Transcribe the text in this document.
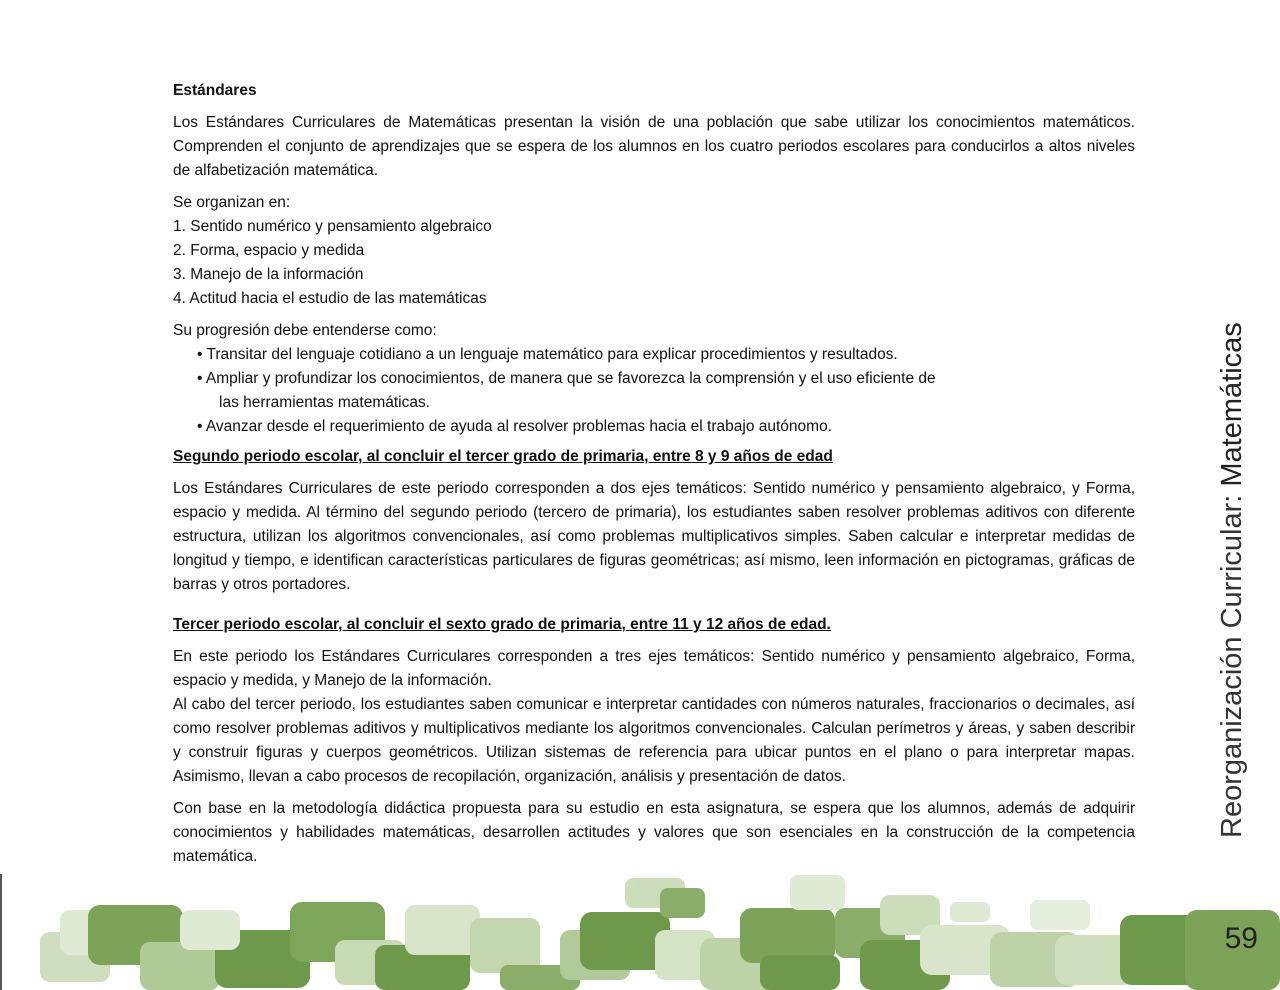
Estándares

Los Estándares Curriculares de Matemáticas presentan la visión de una población que sabe utilizar los conocimientos matemáticos. Comprenden el conjunto de aprendizajes que se espera de los alumnos en los cuatro periodos escolares para conducirlos a altos niveles de alfabetización matemática.

Se organizan en:
1. Sentido numérico y pensamiento algebraico
2. Forma, espacio y medida
3. Manejo de la información
4. Actitud hacia el estudio de las matemáticas
Su progresión debe entenderse como:
• Transitar del lenguaje cotidiano a un lenguaje matemático para explicar procedimientos y resultados.
• Ampliar y profundizar los conocimientos, de manera que se favorezca la comprensión y el uso eficiente de
las herramientas matemáticas.
• Avanzar desde el requerimiento de ayuda al resolver problemas hacia el trabajo autónomo.
Segundo periodo escolar, al concluir el tercer grado de primaria, entre 8 y 9 años de edad

Los Estándares Curriculares de este periodo corresponden a dos ejes temáticos: Sentido numérico y pensamiento algebraico, y Forma, espacio y medida. Al término del segundo periodo (tercero de primaria), los estudiantes saben resolver problemas aditivos con diferente estructura, utilizan los algoritmos convencionales, así como problemas multiplicativos simples. Saben calcular e interpretar medidas de longitud y tiempo, e identifican características particulares de figuras geométricas; así mismo, leen información en pictogramas, gráficas de barras y otros portadores.

Tercer periodo escolar, al concluir el sexto grado de primaria, entre 11 y 12 años de edad.

En este periodo los Estándares Curriculares corresponden a tres ejes temáticos: Sentido numérico y pensamiento algebraico, Forma, espacio y medida, y Manejo de la información.

Al cabo del tercer periodo, los estudiantes saben comunicar e interpretar cantidades con números naturales, fraccionarios o decimales, así como resolver problemas aditivos y multiplicativos mediante los algoritmos convencionales. Calculan perímetros y áreas, y saben describir y construir figuras y cuerpos geométricos. Utilizan sistemas de referencia para ubicar puntos en el plano o para interpretar mapas. Asimismo, llevan a cabo procesos de recopilación, organización, análisis y presentación de datos.

Con base en la metodología didáctica propuesta para su estudio en esta asignatura, se espera que los alumnos, además de adquirir conocimientos y habilidades matemáticas, desarrollen actitudes y valores que son esenciales en la construcción de la competencia matemática.

Reorganización Curricular: Matemáticas
59
